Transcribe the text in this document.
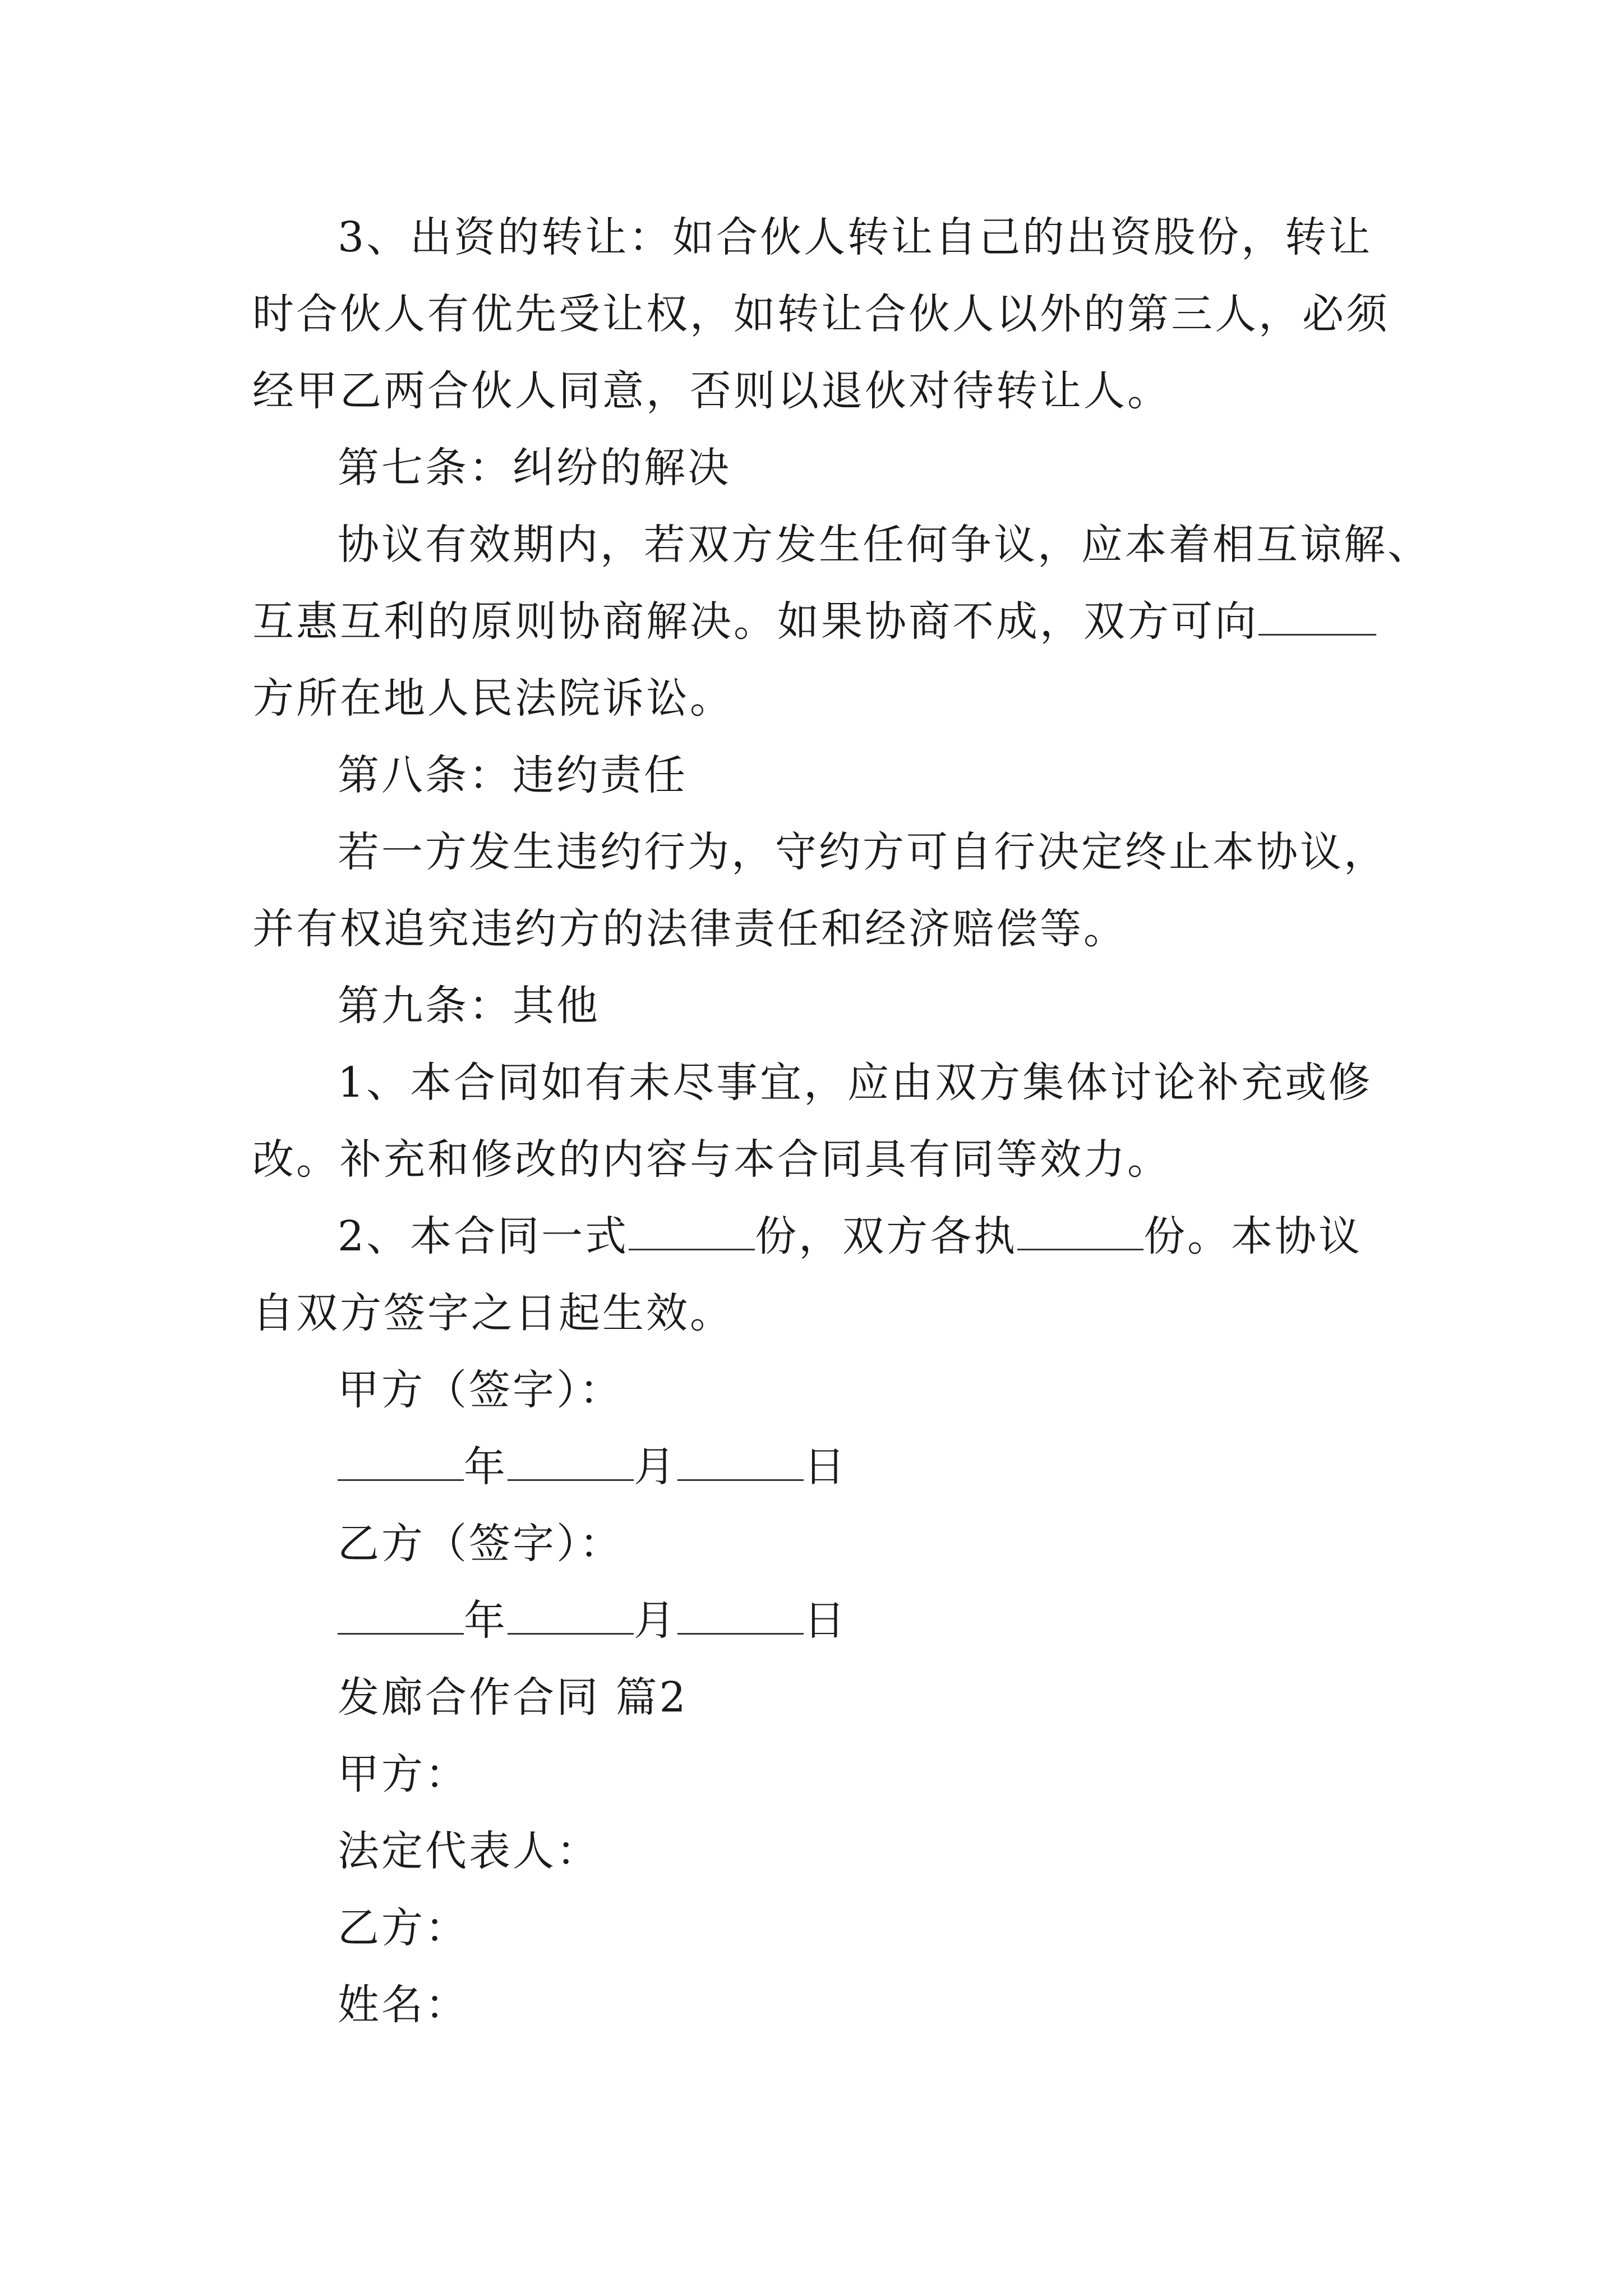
3、出资的转让：如合伙人转让自己的出资股份，转让
时合伙人有优先受让权，如转让合伙人以外的第三人，必须
经甲乙两合伙人同意，否则以退伙对待转让人。
第七条：纠纷的解决
协议有效期内，若双方发生任何争议，应本着相互谅解、
互惠互利的原则协商解决。如果协商不成，双方可向
方所在地人民法院诉讼。
第八条：违约责任
若一方发生违约行为，守约方可自行决定终止本协议，
并有权追究违约方的法律责任和经济赔偿等。
第九条：其他
1、本合同如有未尽事宜，应由双方集体讨论补充或修
改。补充和修改的内容与本合同具有同等效力。
2、本合同一式	份，双方各执	份。本协议
自双方签字之日起生效。
甲方（签字）：
年	月	日
乙方（签字）：
年	月	日
发廊合作合同 篇2
甲方：
法定代表人：
乙方：
姓名：
